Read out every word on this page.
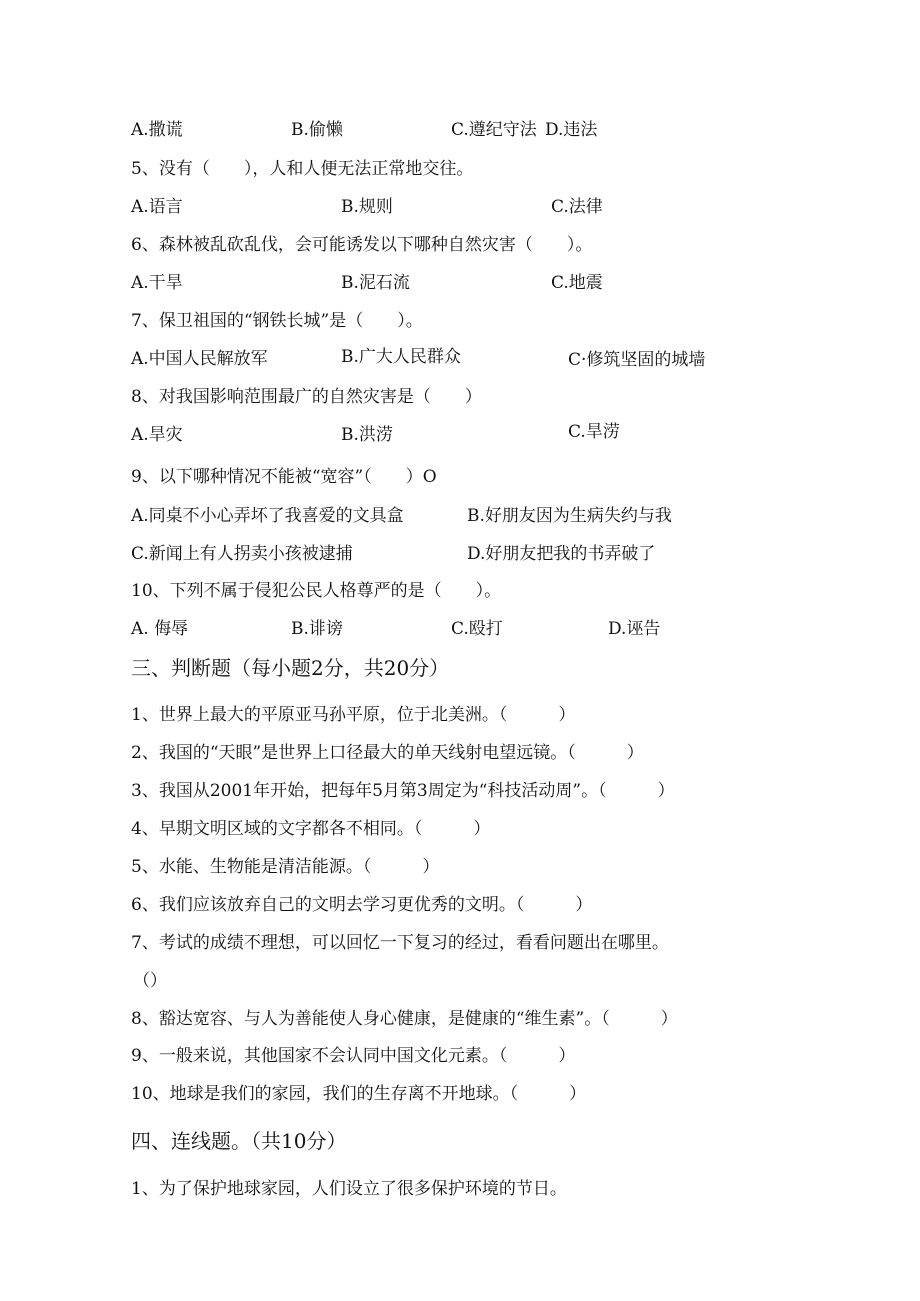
A.撒谎	B.偷懒	C.遵纪守法 D.违法
5、没有（　　），人和人便无法正常地交往。
A.语言	B.规则	C.法律
6、森林被乱砍乱伐，会可能诱发以下哪种自然灾害（　　）。
A.干旱	B.泥石流	C.地震
7、保卫祖国的“钢铁长城”是（　　）。
A.中国人民解放军	B.广大人民群众	C·修筑坚固的城墙
8、对我国影响范围最广的自然灾害是（　　）
A.旱灾	B.洪涝	C.旱涝
9、以下哪种情况不能被“宽容”（　　）O
A.同桌不小心弄坏了我喜爱的文具盒	B.好朋友因为生病失约与我
C.新闻上有人拐卖小孩被逮捕	D.好朋友把我的书弄破了
10、下列不属于侵犯公民人格尊严的是（　　）。
A. 侮辱	B.诽谤	C.殴打	D.诬告
三、判断题（每小题2分，共20分）
1、世界上最大的平原亚马孙平原，位于北美洲。（　　　）
2、我国的“天眼”是世界上口径最大的单天线射电望远镜。（　　　）
3、我国从2001年开始，把每年5月第3周定为“科技活动周”。（　　　）
4、早期文明区域的文字都各不相同。（　　　）
5、水能、生物能是清洁能源。（　　　）
6、我们应该放弃自己的文明去学习更优秀的文明。（　　　）
7、考试的成绩不理想，可以回忆一下复习的经过，看看问题出在哪里。
（）
8、豁达宽容、与人为善能使人身心健康，是健康的“维生素”。（　　　）
9、一般来说，其他国家不会认同中国文化元素。（　　　）
10、地球是我们的家园，我们的生存离不开地球。（　　　）
四、连线题。（共10分）
1、为了保护地球家园，人们设立了很多保护环境的节日。
